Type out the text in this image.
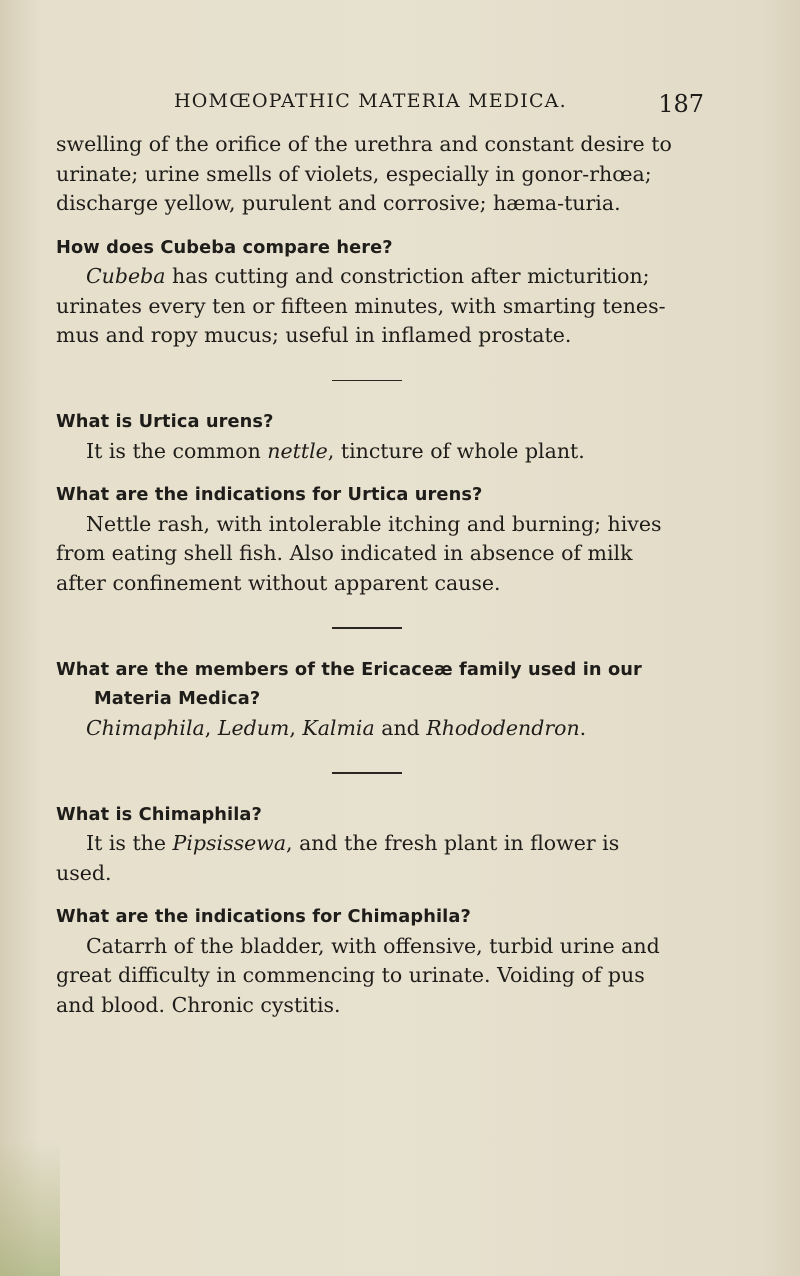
HOMŒOPATHIC MATERIA MEDICA.	187

swelling of the orifice of the urethra and constant desire to urinate; urine smells of violets, especially in gonor-rhœa; discharge yellow, purulent and corrosive; hæma-turia.

How does Cubeba compare here?

Cubeba has cutting and constriction after micturition; urinates every ten or fifteen minutes, with smarting tenes-mus and ropy mucus; useful in inflamed prostate.

What is Urtica urens?

It is the common nettle, tincture of whole plant.

What are the indications for Urtica urens?

Nettle rash, with intolerable itching and burning; hives from eating shell fish. Also indicated in absence of milk after confinement without apparent cause.

What are the members of the Ericaceæ family used in our Materia Medica?

Chimaphila, Ledum, Kalmia and Rhododendron.

What is Chimaphila?

It is the Pipsissewa, and the fresh plant in flower is used.

What are the indications for Chimaphila?

Catarrh of the bladder, with offensive, turbid urine and great difficulty in commencing to urinate. Voiding of pus and blood. Chronic cystitis.
